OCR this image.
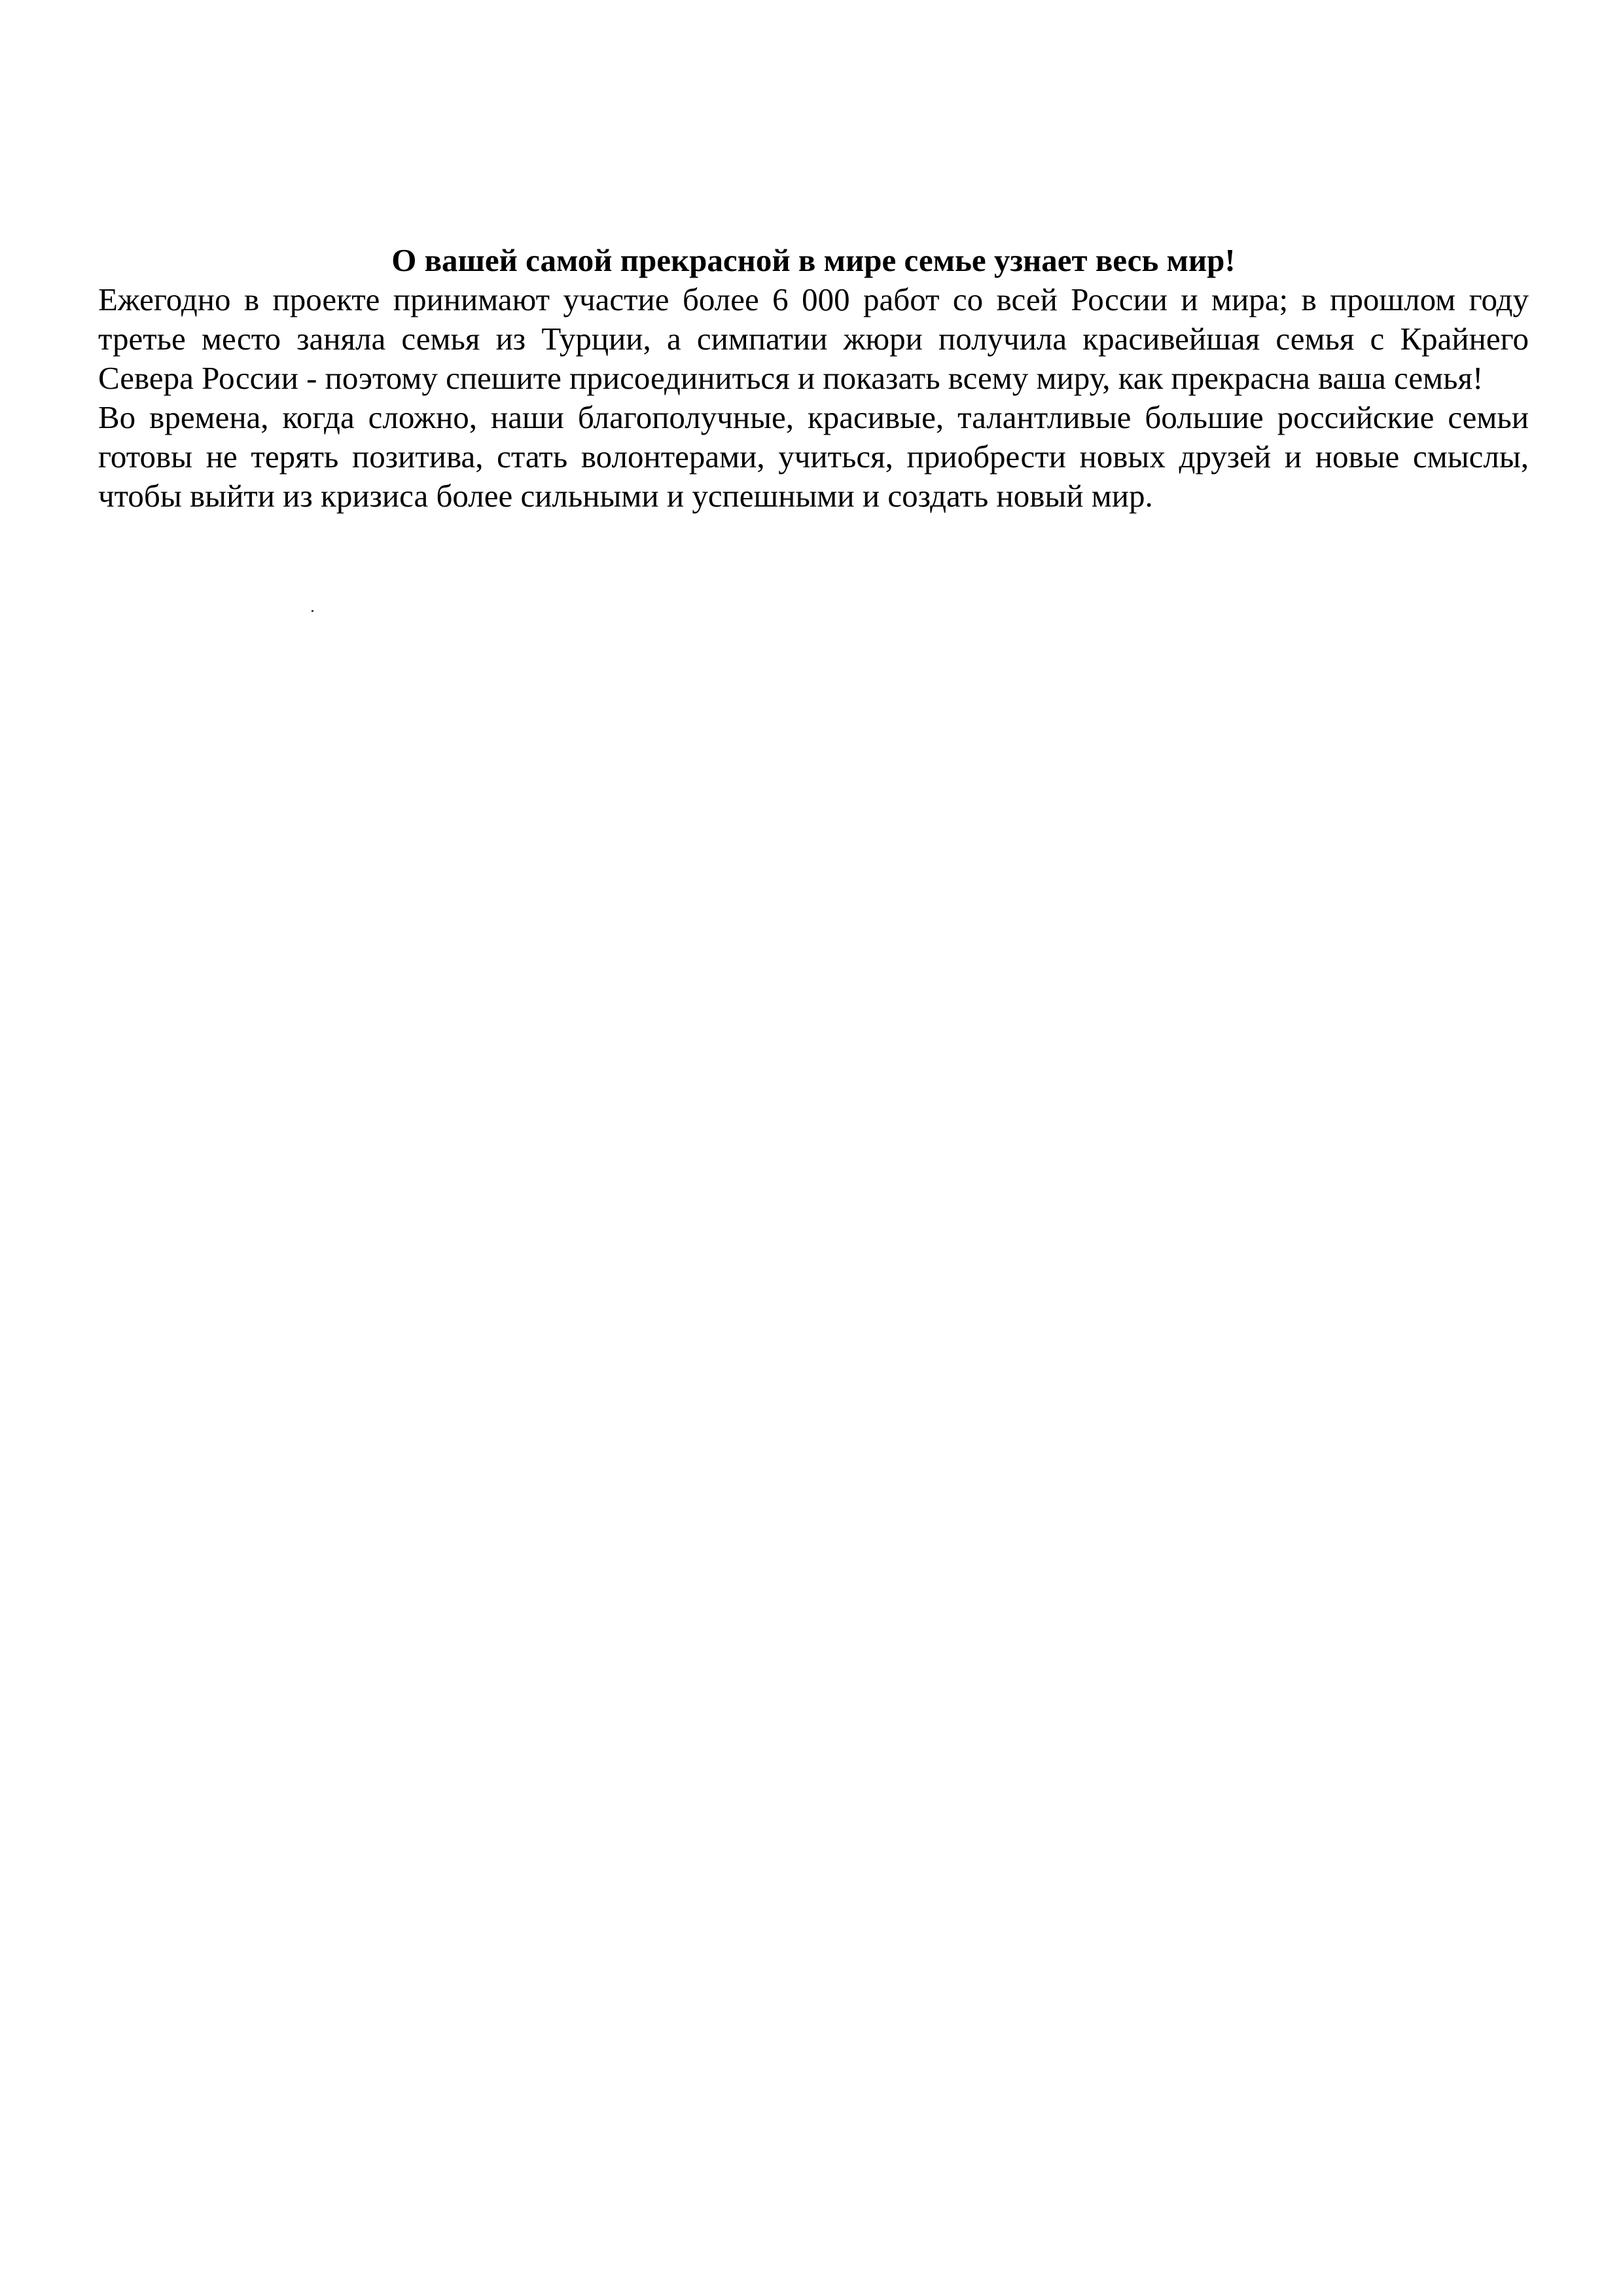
О вашей самой прекрасной в мире семье узнает весь мир!

Ежегодно в проекте принимают участие более 6 000 работ со всей России и мира; в прошлом году
третье место заняла семья из Турции, а симпатии жюри получила красивейшая семья с Крайнего
Севера России - поэтому спешите присоединиться и показать всему миру, как прекрасна ваша семья!

Во времена, когда сложно, наши благополучные, красивые, талантливые большие российские семьи
готовы не терять позитива, стать волонтерами, учиться, приобрести новых друзей и новые смыслы,
чтобы выйти из кризиса более сильными и успешными и создать новый мир.
